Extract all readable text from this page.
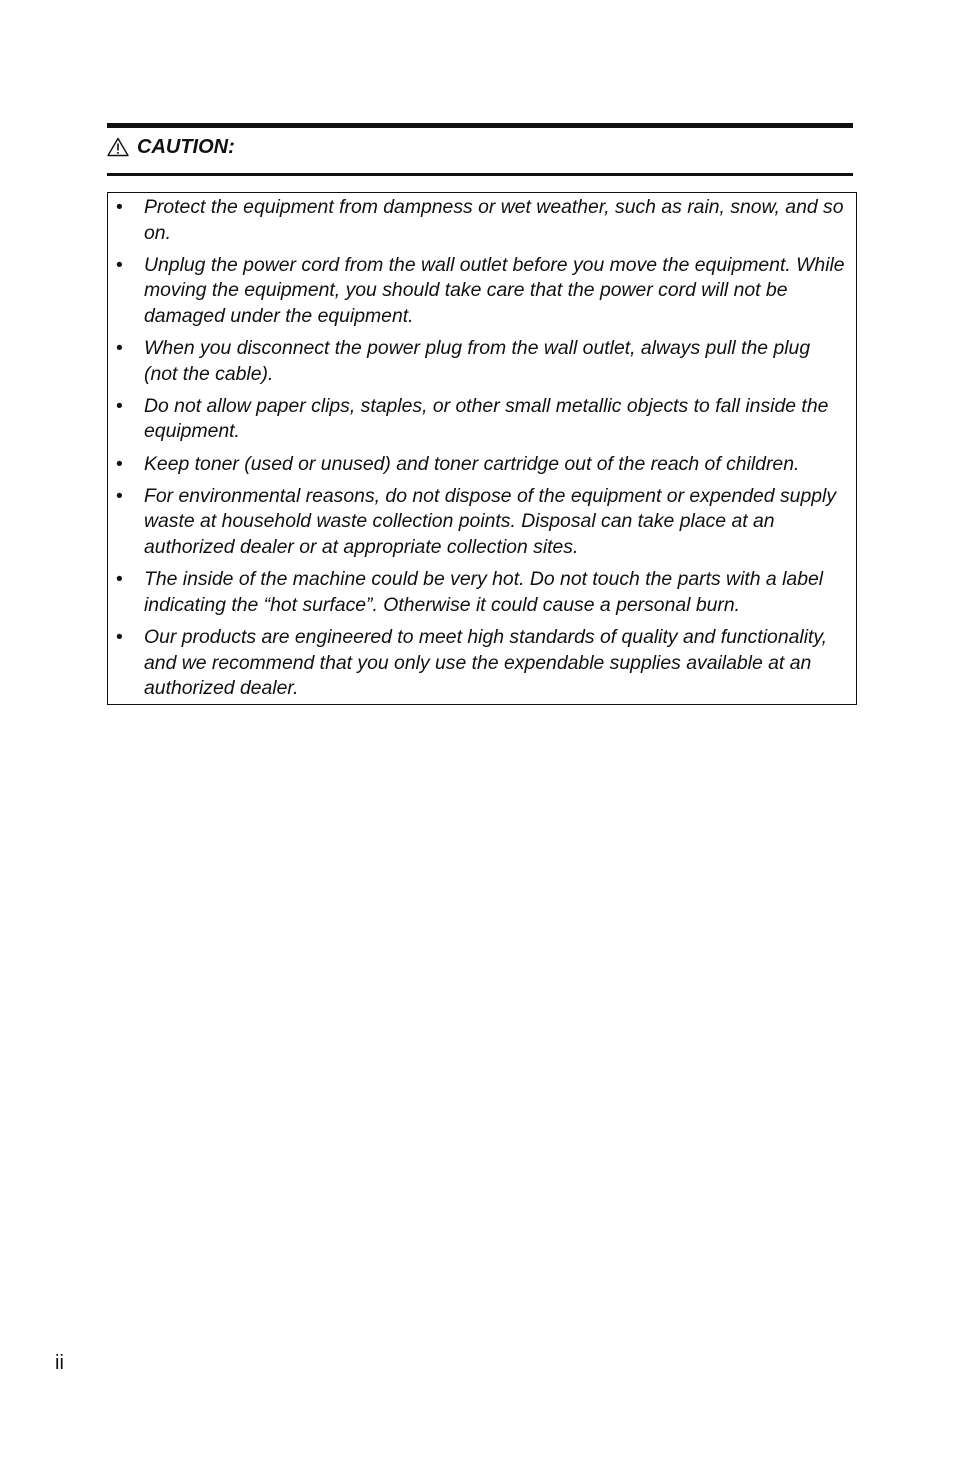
CAUTION:
• Protect the equipment from dampness or wet weather, such as rain, snow, and so on.
• Unplug the power cord from the wall outlet before you move the equipment. While moving the equipment, you should take care that the power cord will not be damaged under the equipment.
• When you disconnect the power plug from the wall outlet, always pull the plug (not the cable).
• Do not allow paper clips, staples, or other small metallic objects to fall inside the equipment.
• Keep toner (used or unused) and toner cartridge out of the reach of children.
• For environmental reasons, do not dispose of the equipment or expended supply waste at household waste collection points. Disposal can take place at an authorized dealer or at appropriate collection sites.
• The inside of the machine could be very hot. Do not touch the parts with a label indicating the “hot surface”. Otherwise it could cause a personal burn.
• Our products are engineered to meet high standards of quality and functionality, and we recommend that you only use the expendable supplies available at an authorized dealer.
ii
